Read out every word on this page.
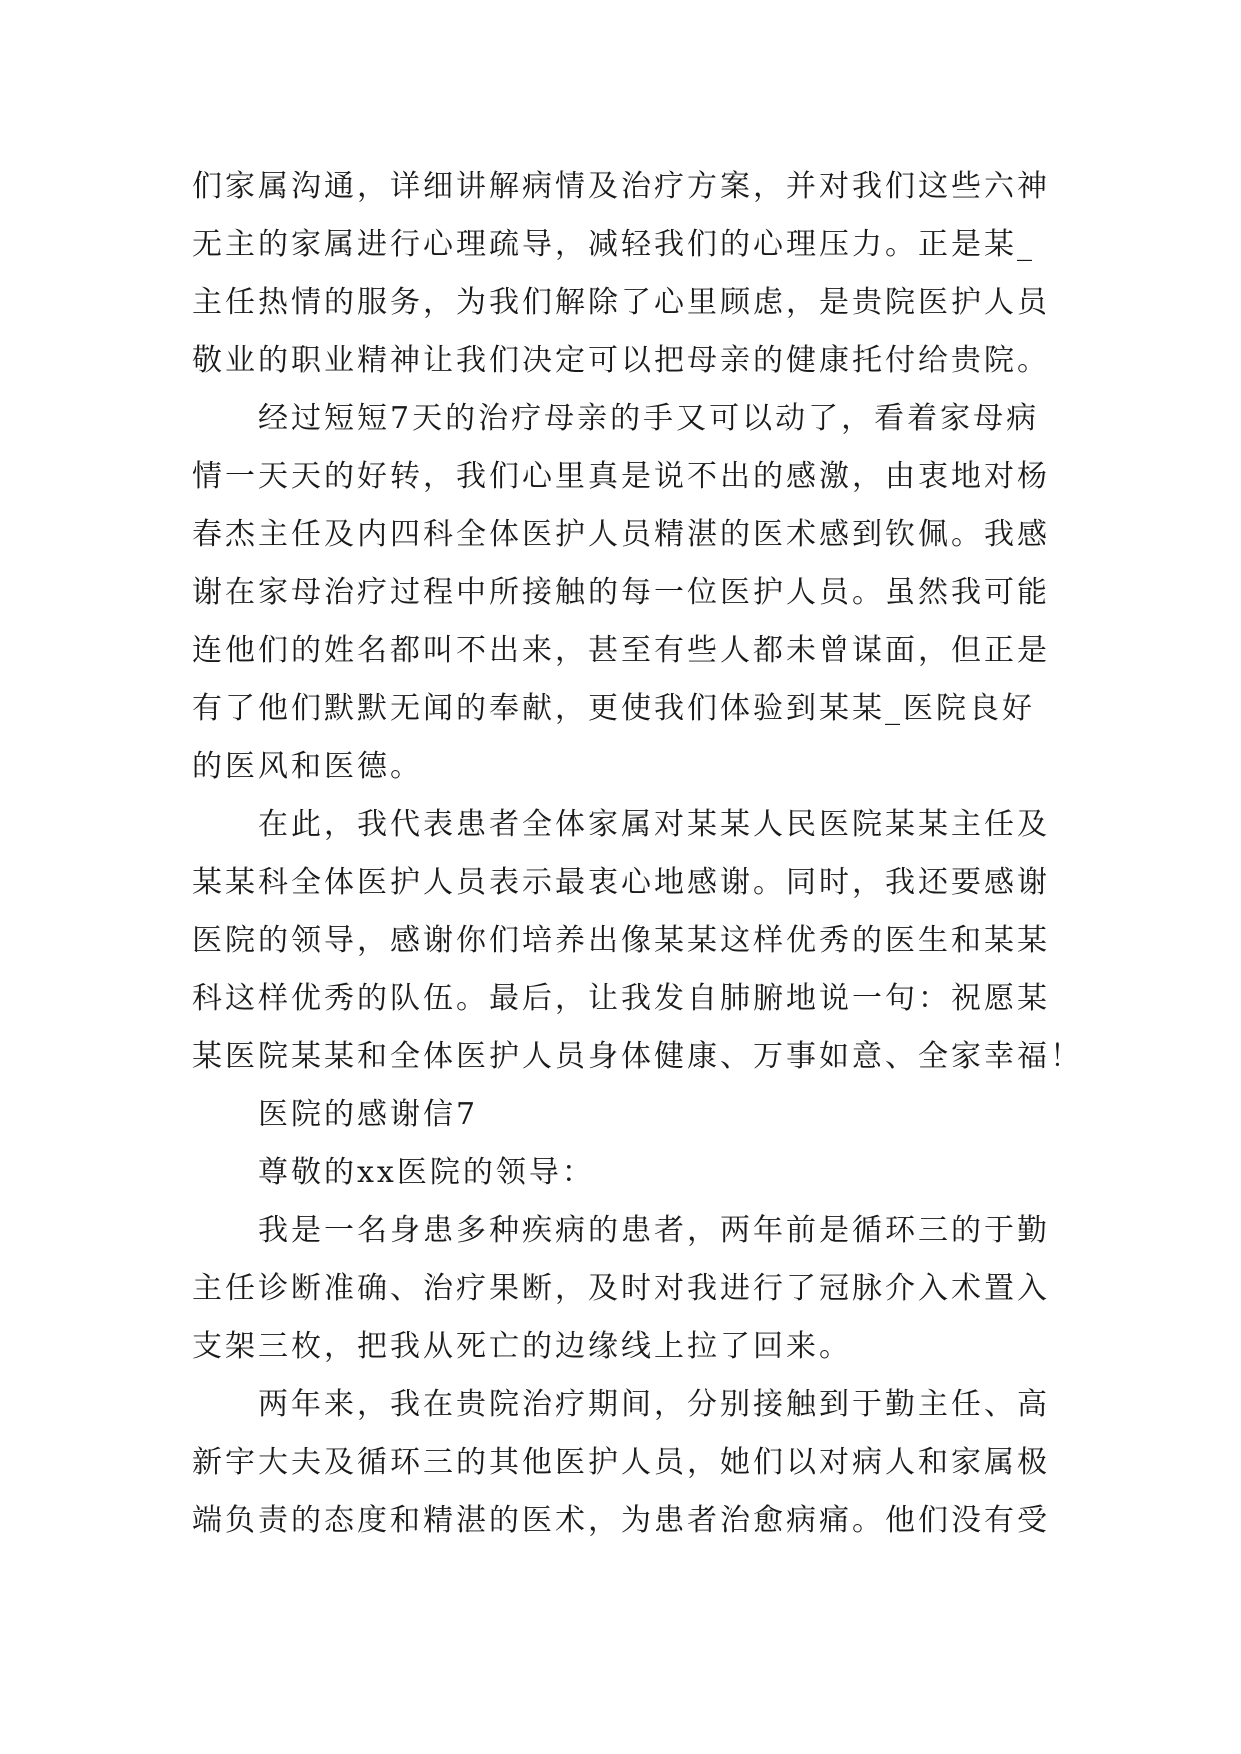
们家属沟通，详细讲解病情及治疗方案，并对我们这些六神
无主的家属进行心理疏导，减轻我们的心理压力。正是某_
主任热情的服务，为我们解除了心里顾虑，是贵院医护人员
敬业的职业精神让我们决定可以把母亲的健康托付给贵院。
经过短短7天的治疗母亲的手又可以动了，看着家母病
情一天天的好转，我们心里真是说不出的感激，由衷地对杨
春杰主任及内四科全体医护人员精湛的医术感到钦佩。我感
谢在家母治疗过程中所接触的每一位医护人员。虽然我可能
连他们的姓名都叫不出来，甚至有些人都未曾谋面，但正是
有了他们默默无闻的奉献，更使我们体验到某某_医院良好
的医风和医德。
在此，我代表患者全体家属对某某人民医院某某主任及
某某科全体医护人员表示最衷心地感谢。同时，我还要感谢
医院的领导，感谢你们培养出像某某这样优秀的医生和某某
科这样优秀的队伍。最后，让我发自肺腑地说一句：祝愿某
某医院某某和全体医护人员身体健康、万事如意、全家幸福！
医院的感谢信7
尊敬的xx医院的领导：
我是一名身患多种疾病的患者，两年前是循环三的于勤
主任诊断准确、治疗果断，及时对我进行了冠脉介入术置入
支架三枚，把我从死亡的边缘线上拉了回来。
两年来，我在贵院治疗期间，分别接触到于勤主任、高
新宇大夫及循环三的其他医护人员，她们以对病人和家属极
端负责的态度和精湛的医术，为患者治愈病痛。他们没有受
